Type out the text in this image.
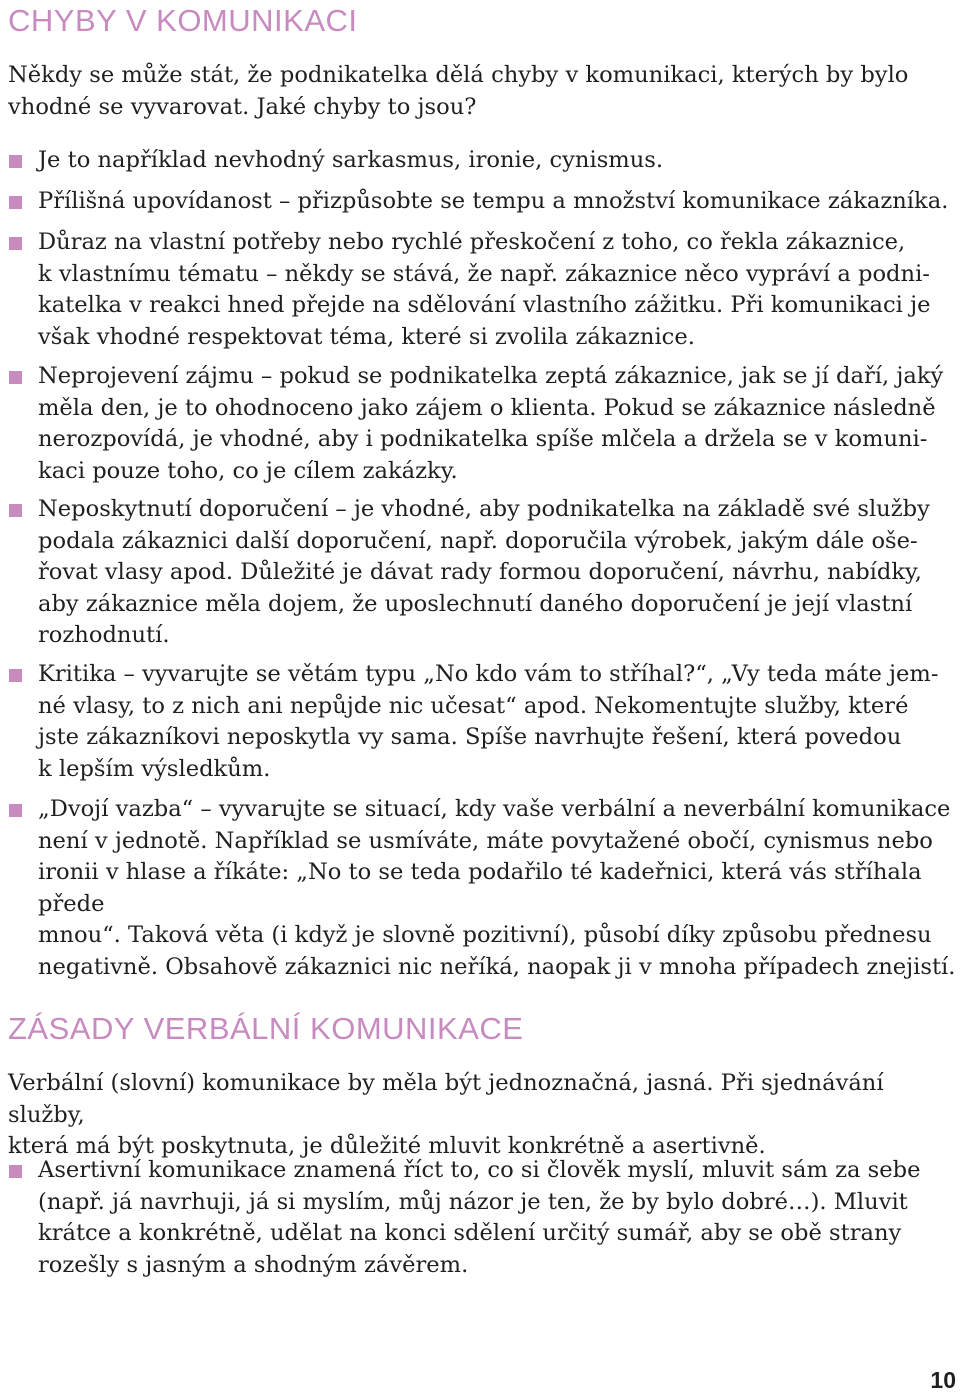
CHYBY V KOMUNIKACI

Někdy se může stát, že podnikatelka dělá chyby v komunikaci, kterých by bylo
vhodné se vyvarovat. Jaké chyby to jsou?

Je to například nevhodný sarkasmus, ironie, cynismus.
Přílišná upovídanost – přizpůsobte se tempu a množství komunikace zákazníka.
Důraz na vlastní potřeby nebo rychlé přeskočení z toho, co řekla zákaznice,
k vlastnímu tématu – někdy se stává, že např. zákaznice něco vypráví a podni-
katelka v reakci hned přejde na sdělování vlastního zážitku. Při komunikaci je
však vhodné respektovat téma, které si zvolila zákaznice.
Neprojevení zájmu – pokud se podnikatelka zeptá zákaznice, jak se jí daří, jaký
měla den, je to ohodnoceno jako zájem o klienta. Pokud se zákaznice následně
nerozpovídá, je vhodné, aby i podnikatelka spíše mlčela a držela se v komuni-
kaci pouze toho, co je cílem zakázky.
Neposkytnutí doporučení – je vhodné, aby podnikatelka na základě své služby
podala zákaznici další doporučení, např. doporučila výrobek, jakým dále oše-
řovat vlasy apod. Důležité je dávat rady formou doporučení, návrhu, nabídky,
aby zákaznice měla dojem, že uposlechnutí daného doporučení je její vlastní
rozhodnutí.
Kritika – vyvarujte se větám typu „No kdo vám to stříhal?“, „Vy teda máte jem-
né vlasy, to z nich ani nepůjde nic učesat“ apod. Nekomentujte služby, které
jste zákazníkovi neposkytla vy sama. Spíše navrhujte řešení, která povedou
k lepším výsledkům.
„Dvojí vazba“ – vyvarujte se situací, kdy vaše verbální a neverbální komunikace
není v jednotě. Například se usmíváte, máte povytažené obočí, cynismus nebo
ironii v hlase a říkáte: „No to se teda podařilo té kadeřnici, která vás stříhala přede
mnou“. Taková věta (i když je slovně pozitivní), působí díky způsobu přednesu
negativně. Obsahově zákaznici nic neříká, naopak ji v mnoha případech znejistí.
ZÁSADY VERBÁLNÍ KOMUNIKACE

Verbální (slovní) komunikace by měla být jednoznačná, jasná. Při sjednávání služby,
která má být poskytnuta, je důležité mluvit konkrétně a asertivně.

Asertivní komunikace znamená říct to, co si člověk myslí, mluvit sám za sebe
(např. já navrhuji, já si myslím, můj názor je ten, že by bylo dobré…). Mluvit
krátce a konkrétně, udělat na konci sdělení určitý sumář, aby se obě strany
rozešly s jasným a shodným závěrem.
10
